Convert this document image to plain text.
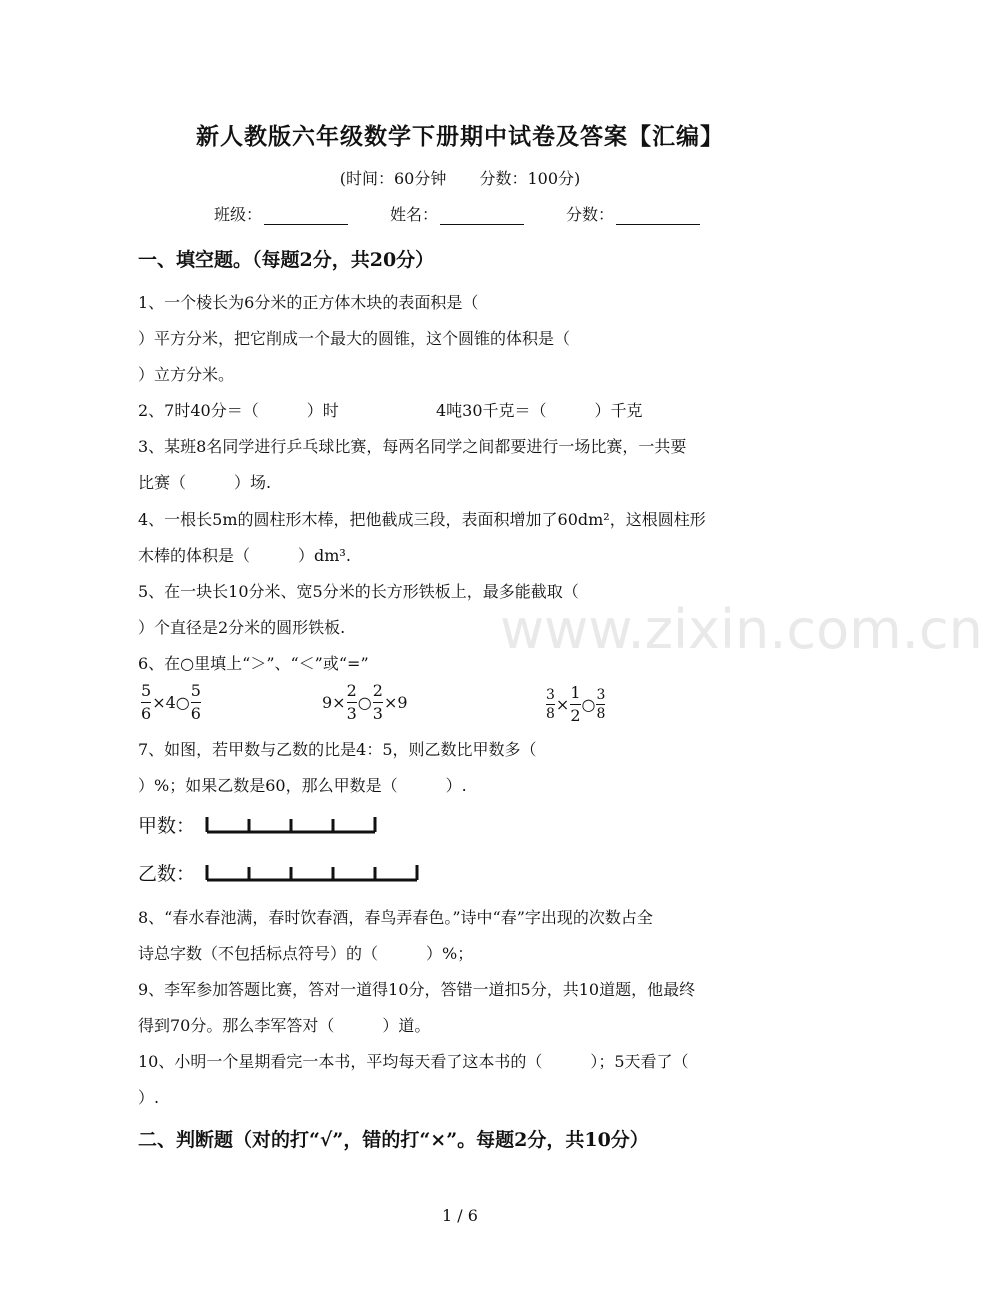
新人教版六年级数学下册期中试卷及答案【汇编】
(时间：60分钟 分数：100分)
班级：	姓名：	分数：
一、填空题。（每题2分，共20分）
1、一个棱长为6分米的正方体木块的表面积是（
）平方分米，把它削成一个最大的圆锥，这个圆锥的体积是（
）立方分米。
2、7时40分＝（　　　）时	4吨30千克＝（　　　）千克
3、某班8名同学进行乒乓球比赛，每两名同学之间都要进行一场比赛，一共要
比赛（　　　）场.
4、一根长5m的圆柱形木棒，把他截成三段，表面积增加了60dm²，这根圆柱形
木棒的体积是（　　　）dm³.
5、在一块长10分米、宽5分米的长方形铁板上，最多能截取（
）个直径是2分米的圆形铁板.
6、在○里填上“＞”、“＜”或“=”
$\frac{5}{6}$ ×4○ $\frac{5}{6}$	$9\times \frac{2}{3}$ ○ $\frac{2}{3} \times 9$	$\frac{3}{8} \times \frac{1}{2}$ ○ $\frac{3}{8}$
7、如图，若甲数与乙数的比是4：5，则乙数比甲数多（
）%；如果乙数是60，那么甲数是（　　　）.
甲数：
乙数：
8、“春水春池满，春时饮春酒，春鸟弄春色。”诗中“春”字出现的次数占全
诗总字数（不包括标点符号）的（　　　）%；
9、李军参加答题比赛，答对一道得10分，答错一道扣5分，共10道题，他最终
得到70分。那么李军答对（　　　）道。
10、小明一个星期看完一本书，平均每天看了这本书的（　　　）；5天看了（
）.
二、判断题（对的打“√”，错的打“×”。每题2分，共10分）
www.zixin.com.cn
1 / 6
